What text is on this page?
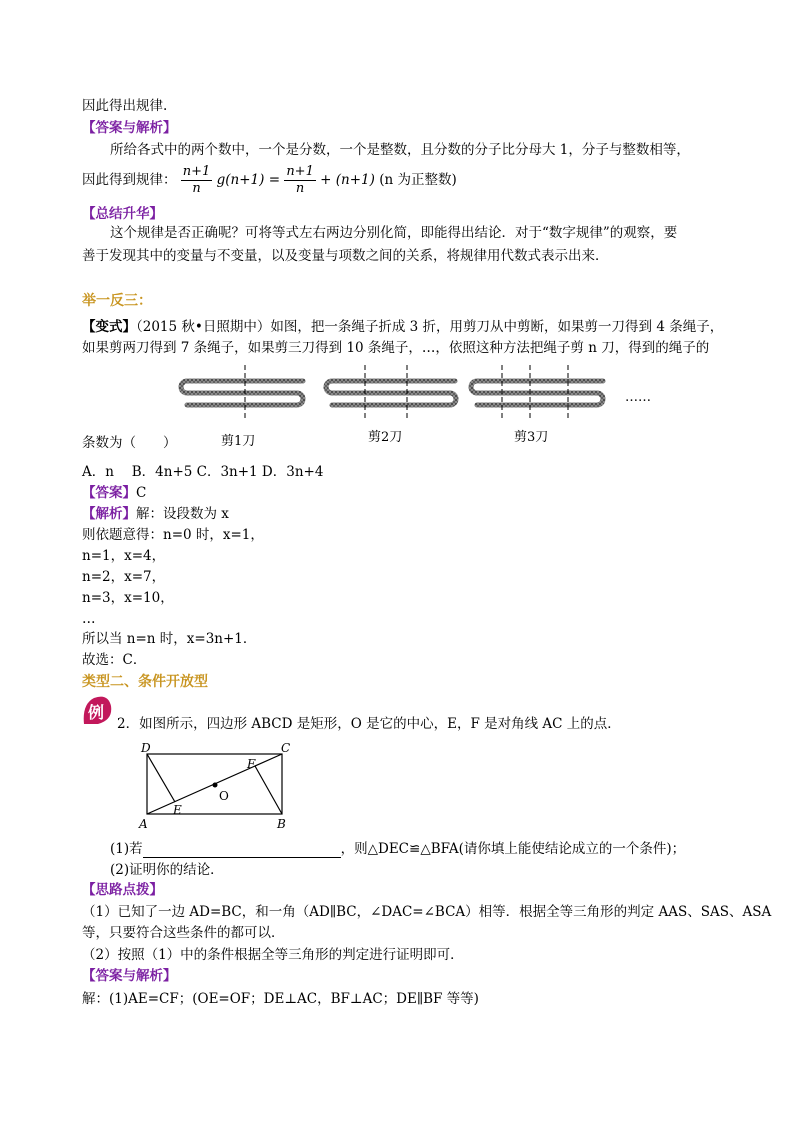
因此得出规律.
【答案与解析】
所给各式中的两个数中，一个是分数，一个是整数，且分数的分子比分母大 1，分子与整数相等，
因此得到规律： $\frac{n+1}{n} g(n+1) = \frac{n+1}{n} + (n+1)$ (n 为正整数)
【总结升华】
这个规律是否正确呢？可将等式左右两边分别化简，即能得出结论．对于“数字规律”的观察，要
善于发现其中的变量与不变量，以及变量与项数之间的关系，将规律用代数式表示出来．
举一反三：
【变式】（2015 秋•日照期中）如图，把一条绳子折成 3 折，用剪刀从中剪断，如果剪一刀得到 4 条绳子，
如果剪两刀得到 7 条绳子，如果剪三刀得到 10 条绳子，…，依照这种方法把绳子剪 n 刀，得到的绳子的
……
剪1刀	剪2刀	剪3刀
条数为（　　）
A．n　 B．4n+5 C．3n+1 D．3n+4
【答案】C
【解析】解：设段数为 x
则依题意得：n=0 时，x=1，
n=1，x=4，
n=2，x=7，
n=3，x=10，
…
所以当 n=n 时，x=3n+1．
故选：C．
类型二、条件开放型
例
2．如图所示，四边形 ABCD 是矩形，O 是它的中心，E，F 是对角线 AC 上的点．
D	C
F
O
A
E
B
(1)若	，则△DEC≌△BFA(请你填上能使结论成立的一个条件)；
(2)证明你的结论．
【思路点拨】
（1）已知了一边 AD=BC，和一角（AD∥BC，∠DAC=∠BCA）相等．根据全等三角形的判定 AAS、SAS、ASA
等，只要符合这些条件的都可以．
（2）按照（1）中的条件根据全等三角形的判定进行证明即可．
【答案与解析】
解：(1)AE=CF；(OE=OF；DE⊥AC，BF⊥AC；DE∥BF 等等)
